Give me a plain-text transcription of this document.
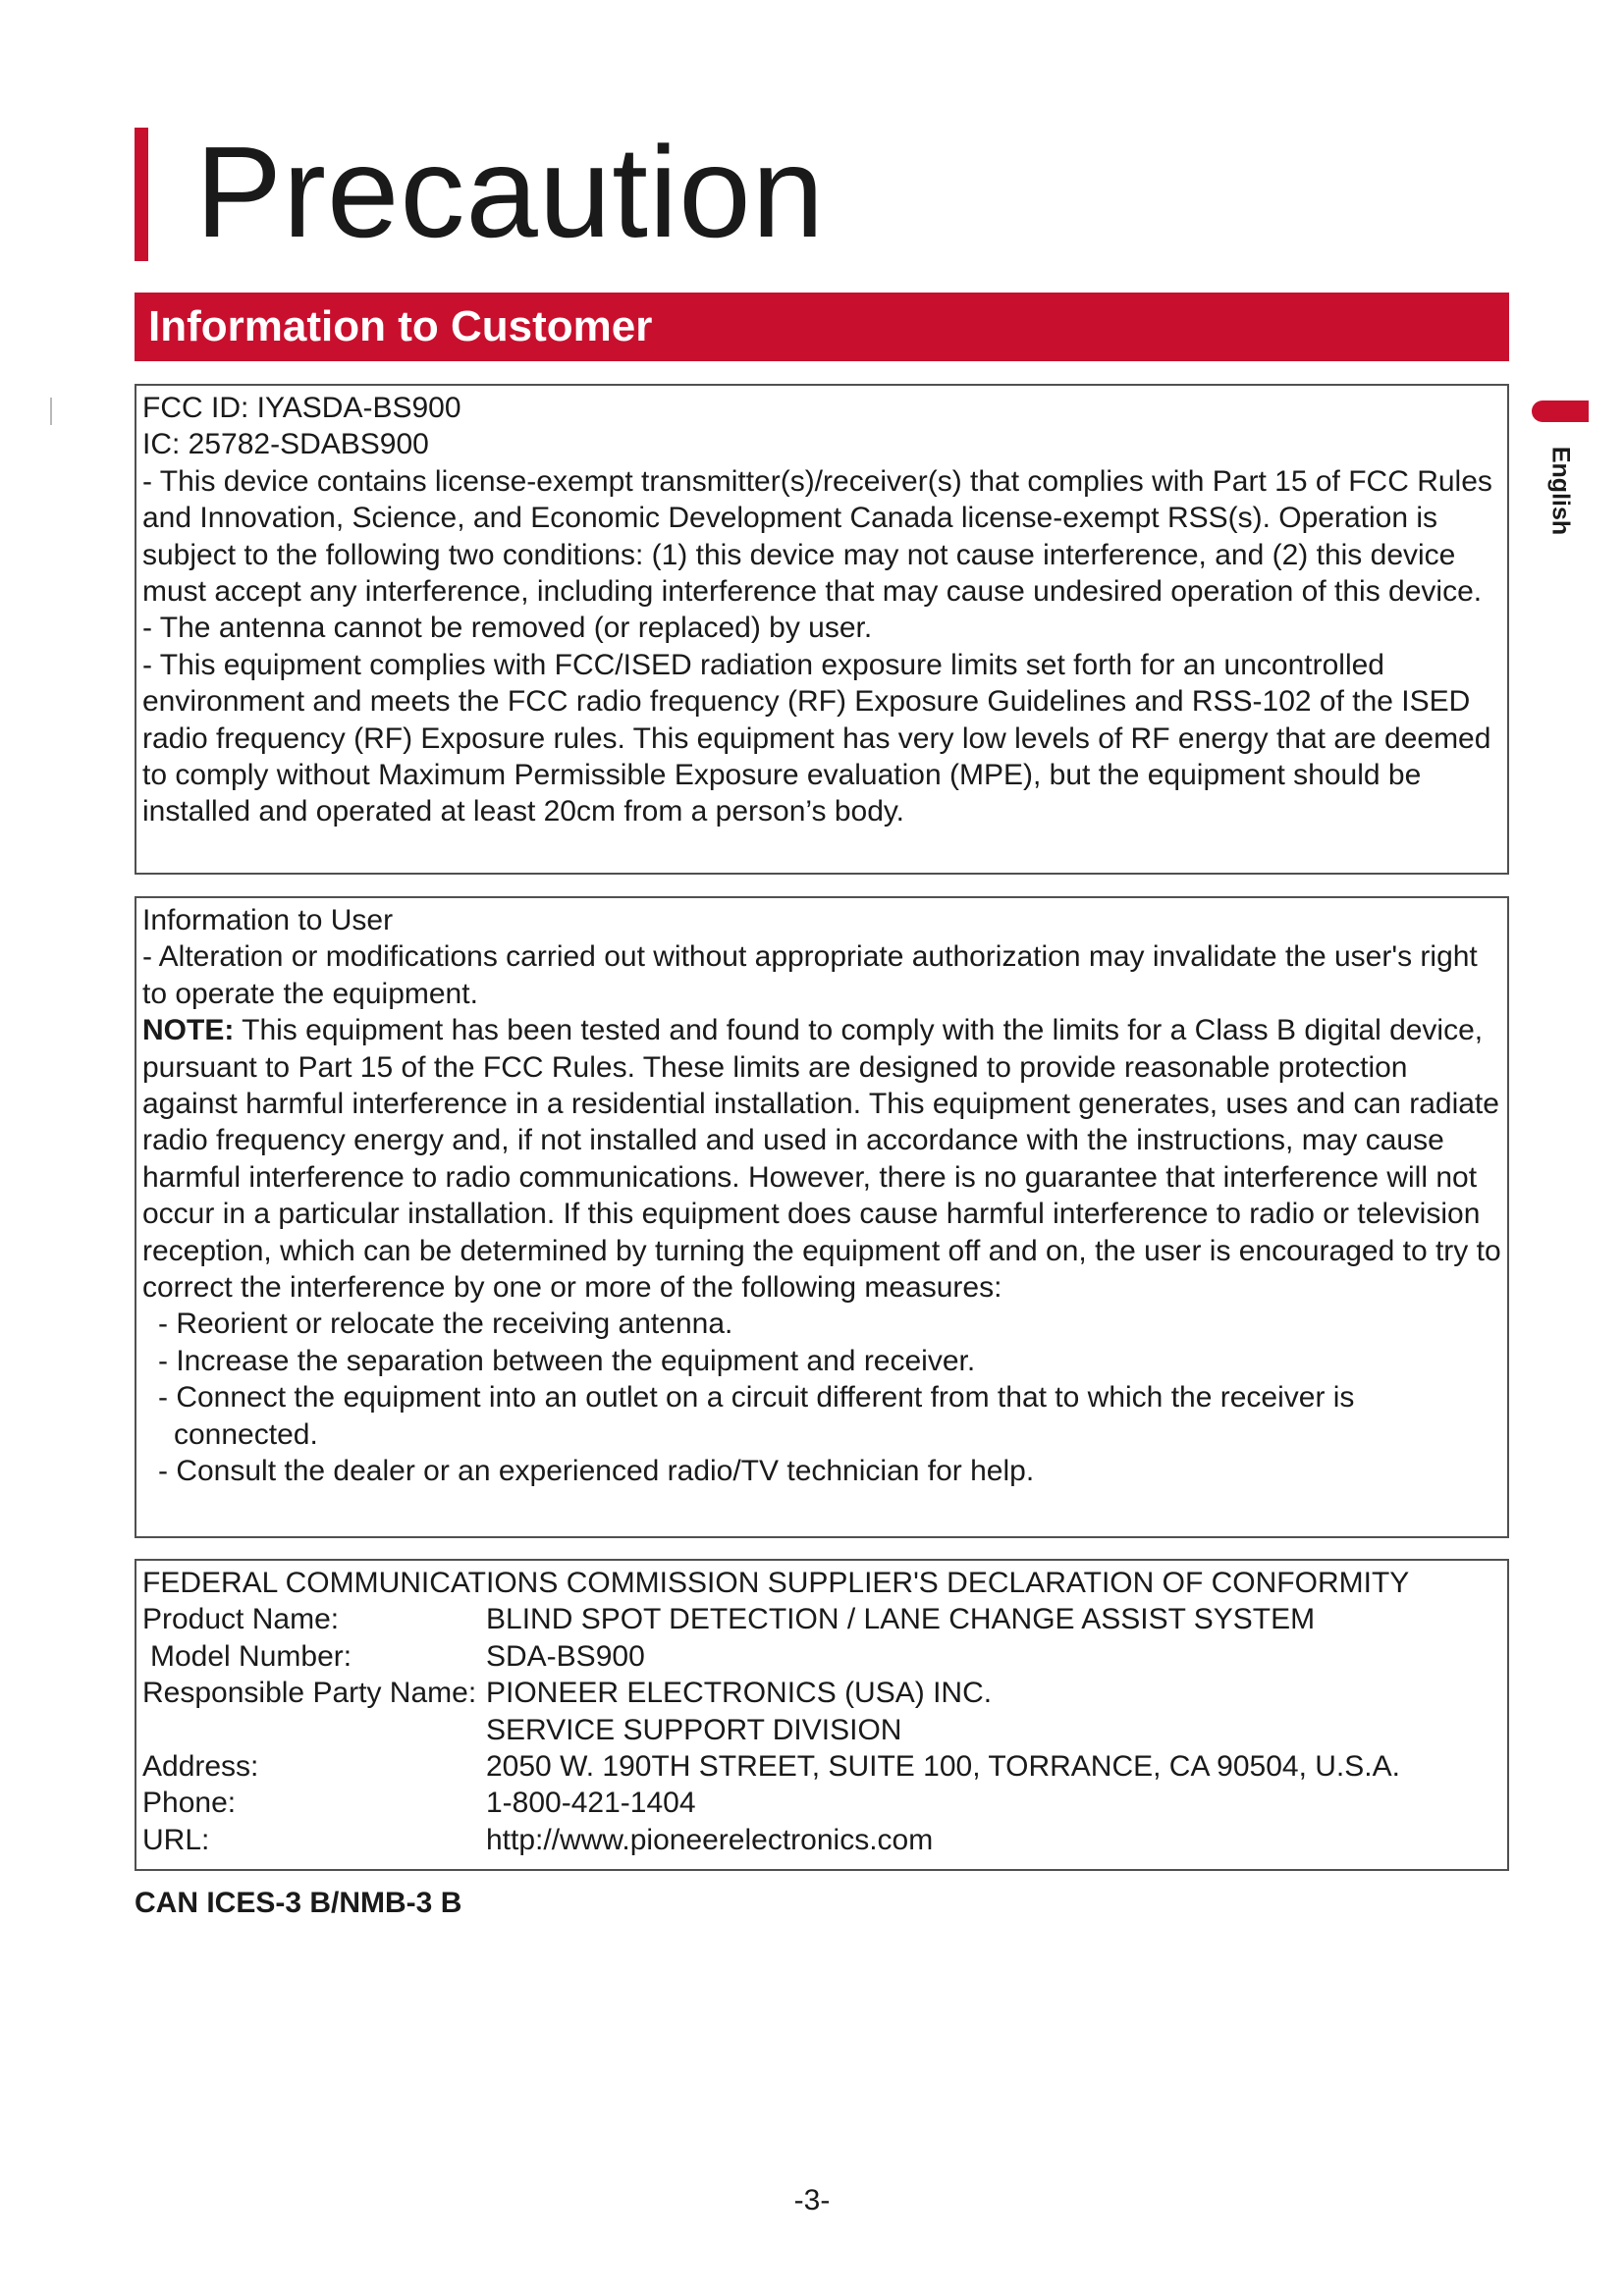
Precaution
Information to Customer
English

FCC ID: IYASDA-BS900

IC: 25782-SDABS900

- This device contains license-exempt transmitter(s)/receiver(s) that complies with Part 15 of FCC Rules and Innovation, Science, and Economic Development Canada license-exempt RSS(s). Operation is subject to the following two conditions: (1) this device may not cause interference, and (2) this device must accept any interference, including interference that may cause undesired operation of this device.

- The antenna cannot be removed (or replaced) by user.

- This equipment complies with FCC/ISED radiation exposure limits set forth for an uncontrolled environment and meets the FCC radio frequency (RF) Exposure Guidelines and RSS-102 of the ISED radio frequency (RF) Exposure rules. This equipment has very low levels of RF energy that are deemed to comply without Maximum Permissible Exposure evaluation (MPE), but the equipment should be installed and operated at least 20cm from a person’s body.

Information to User

- Alteration or modifications carried out without appropriate authorization may invalidate the user's right to operate the equipment.

NOTE: This equipment has been tested and found to comply with the limits for a Class B digital device, pursuant to Part 15 of the FCC Rules. These limits are designed to provide reasonable protection against harmful interference in a residential installation. This equipment generates, uses and can radiate radio frequency energy and, if not installed and used in accordance with the instructions, may cause harmful interference to radio communications. However, there is no guarantee that interference will not occur in a particular installation. If this equipment does cause harmful interference to radio or television reception, which can be determined by turning the equipment off and on, the user is encouraged to try to correct the interference by one or more of the following measures:

- Reorient or relocate the receiving antenna.

- Increase the separation between the equipment and receiver.

- Connect the equipment into an outlet on a circuit different from that to which the receiver is connected.

- Consult the dealer or an experienced radio/TV technician for help.

FEDERAL COMMUNICATIONS COMMISSION SUPPLIER'S DECLARATION OF CONFORMITY

Product Name:	BLIND SPOT DETECTION / LANE CHANGE ASSIST SYSTEM
Model Number:	SDA-BS900
Responsible Party Name: PIONEER ELECTRONICS (USA) INC.
SERVICE SUPPORT DIVISION
Address:	2050 W. 190TH STREET, SUITE 100, TORRANCE, CA 90504, U.S.A.
Phone:	1-800-421-1404
URL:	http://www.pioneerelectronics.com
CAN ICES-3 B/NMB-3 B
-3-
